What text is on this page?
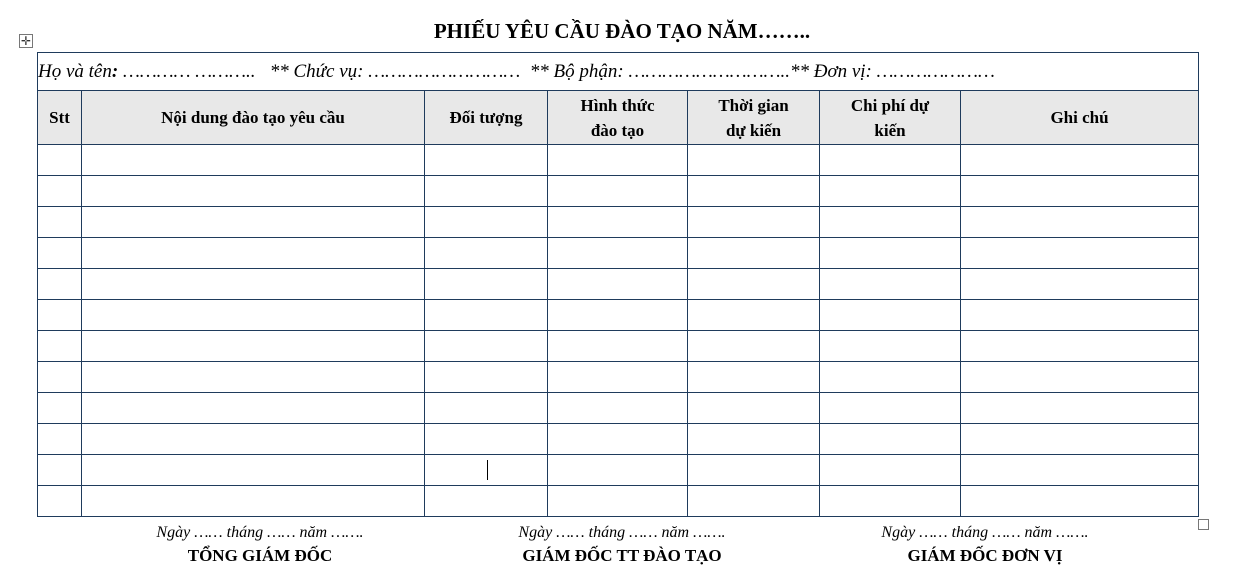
PHIẾU YÊU CẦU ĐÀO TẠO NĂM……..
✛
Họ và tên: ………… ………..   ** Chức vụ: ………………………  ** Bộ phận: ………………………..** Đơn vị: …………………						
Stt	Nội dung đào tạo yêu cầu	Đối tượng	Hình thức đào tạo	Thời gian dự kiến	Chi phí dự kiến	Ghi chú

Ngày …… tháng …… năm …….
TỔNG GIÁM ĐỐC
Ngày …… tháng …… năm …….
GIÁM ĐỐC TT ĐÀO TẠO
Ngày …… tháng …… năm …….
GIÁM ĐỐC ĐƠN VỊ
